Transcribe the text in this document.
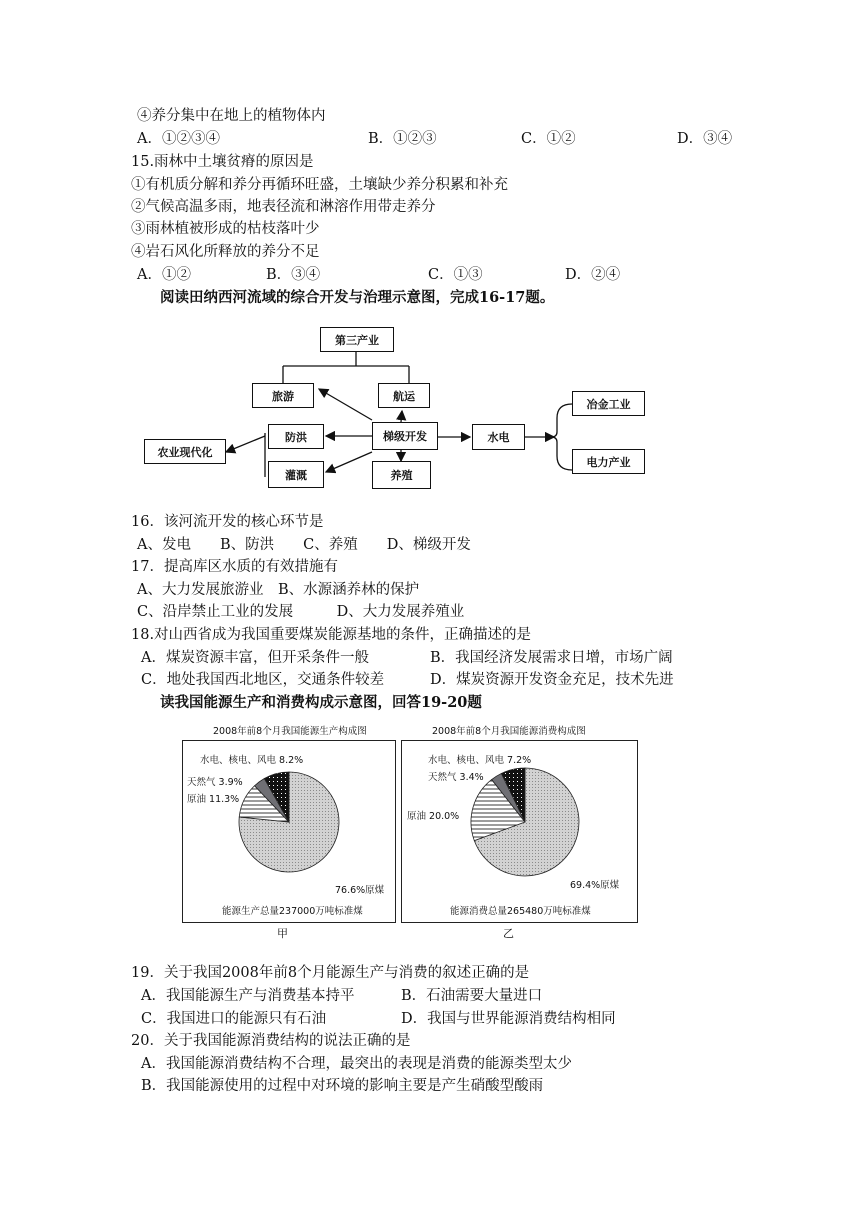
④养分集中在地上的植物体内
A．①②③④	B．①②③	C．①②	D．③④
15.雨林中土壤贫瘠的原因是
①有机质分解和养分再循环旺盛，土壤缺少养分积累和补充
②气候高温多雨，地表径流和淋溶作用带走养分
③雨林植被形成的枯枝落叶少
④岩石风化所释放的养分不足
A．①②	B．③④	C．①③	D．②④
阅读田纳西河流域的综合开发与治理示意图，完成16-17题。
第三产业
旅游	航运
防洪	梯级开发	水电
冶金工业
电力产业
农业现代化
灌溉	养殖
16．该河流开发的核心环节是
A、发电　　B、防洪　　C、养殖　　D、梯级开发
17．提高库区水质的有效措施有
A、大力发展旅游业　B、水源涵养林的保护
C、沿岸禁止工业的发展　　　D、大力发展养殖业
18.对山西省成为我国重要煤炭能源基地的条件，正确描述的是
A．煤炭资源丰富，但开采条件一般	B．我国经济发展需求日增，市场广阔
C．地处我国西北地区，交通条件较差	D．煤炭资源开发资金充足，技术先进
读我国能源生产和消费构成示意图，回答19-20题
2008年前8个月我国能源生产构成图	2008年前8个月我国能源消费构成图
水电、核电、风电 8.2%
天然气 3.9%
原油 11.3%
76.6%原煤
能源生产总量237000万吨标准煤
甲
水电、核电、风电 7.2%
天然气 3.4%
原油 20.0%
69.4%原煤
能源消费总量265480万吨标准煤
乙
19．关于我国2008年前8个月能源生产与消费的叙述正确的是
A．我国能源生产与消费基本持平	B．石油需要大量进口
C．我国进口的能源只有石油	D．我国与世界能源消费结构相同
20．关于我国能源消费结构的说法正确的是
A．我国能源消费结构不合理，最突出的表现是消费的能源类型太少
B．我国能源使用的过程中对环境的影响主要是产生硝酸型酸雨
